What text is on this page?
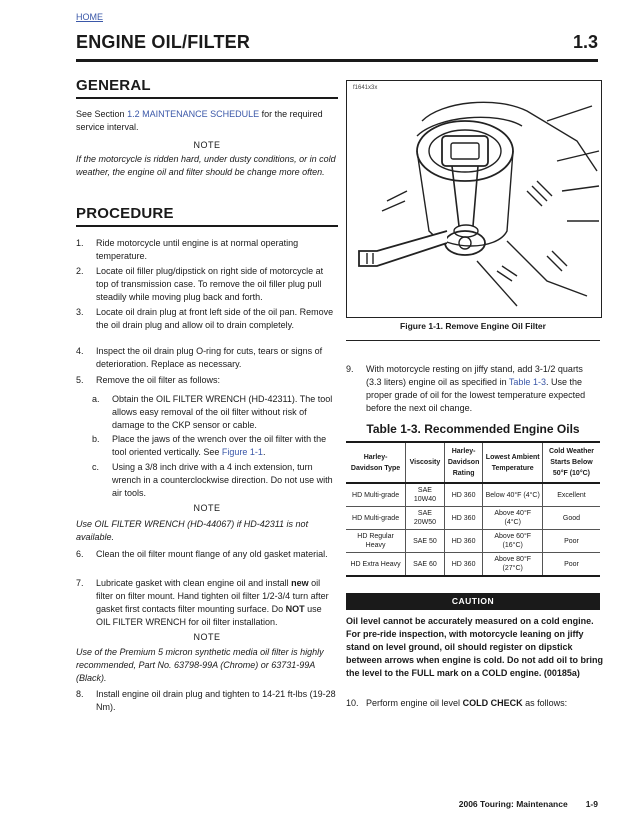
HOME
ENGINE OIL/FILTER	1.3
GENERAL
See Section 1.2 MAINTENANCE SCHEDULE for the required service interval.
NOTE
If the motorcycle is ridden hard, under dusty conditions, or in cold weather, the engine oil and filter should be change more often.
PROCEDURE
1.	Ride motorcycle until engine is at normal operating temperature.
2.	Locate oil filler plug/dipstick on right side of motorcycle at top of transmission case. To remove the oil filler plug pull steadily while moving plug back and forth.
3.	Locate oil drain plug at front left side of the oil pan. Remove the oil drain plug and allow oil to drain completely.
4.	Inspect the oil drain plug O-ring for cuts, tears or signs of deterioration. Replace as necessary.
5.	Remove the oil filter as follows:
a.	Obtain the OIL FILTER WRENCH (HD-42311). The tool allows easy removal of the oil filter without risk of damage to the CKP sensor or cable.
b.	Place the jaws of the wrench over the oil filter with the tool oriented vertically. See Figure 1-1.
c.	Using a 3/8 inch drive with a 4 inch extension, turn wrench in a counterclockwise direction. Do not use with air tools.
NOTE
Use OIL FILTER WRENCH (HD-44067) if HD-42311 is not available.
6.	Clean the oil filter mount flange of any old gasket material.
7.	Lubricate gasket with clean engine oil and install new oil filter on filter mount. Hand tighten oil filter 1/2-3/4 turn after gasket first contacts filter mounting surface. Do NOT use OIL FILTER WRENCH for oil filter installation.
NOTE
Use of the Premium 5 micron synthetic media oil filter is highly recommended, Part No. 63798-99A (Chrome) or 63731-99A (Black).
8.	Install engine oil drain plug and tighten to 14-21 ft-lbs (19-28 Nm).
f1641x3x
Figure 1-1. Remove Engine Oil Filter
9.	With motorcycle resting on jiffy stand, add 3-1/2 quarts (3.3 liters) engine oil as specified in Table 1-3. Use the proper grade of oil for the lowest temperature expected before the next oil change.
Table 1-3. Recommended Engine Oils
Harley-Davidson Type	Viscosity	Harley-Davidson Rating	Lowest Ambient Temperature	Cold Weather Starts Below 50°F (10°C)
HD Multi-grade	SAE 10W40	HD 360	Below 40°F (4°C)	Excellent
HD Multi-grade	SAE 20W50	HD 360	Above 40°F (4°C)	Good
HD Regular Heavy	SAE 50	HD 360	Above 60°F (16°C)	Poor
HD Extra Heavy	SAE 60	HD 360	Above 80°F (27°C)	Poor
CAUTION
Oil level cannot be accurately measured on a cold engine. For pre-ride inspection, with motorcycle leaning on jiffy stand on level ground, oil should register on dipstick between arrows when engine is cold. Do not add oil to bring the level to the FULL mark on a COLD engine. (00185a)
10. Perform engine oil level COLD CHECK as follows:
2006 Touring: Maintenance 1-9
